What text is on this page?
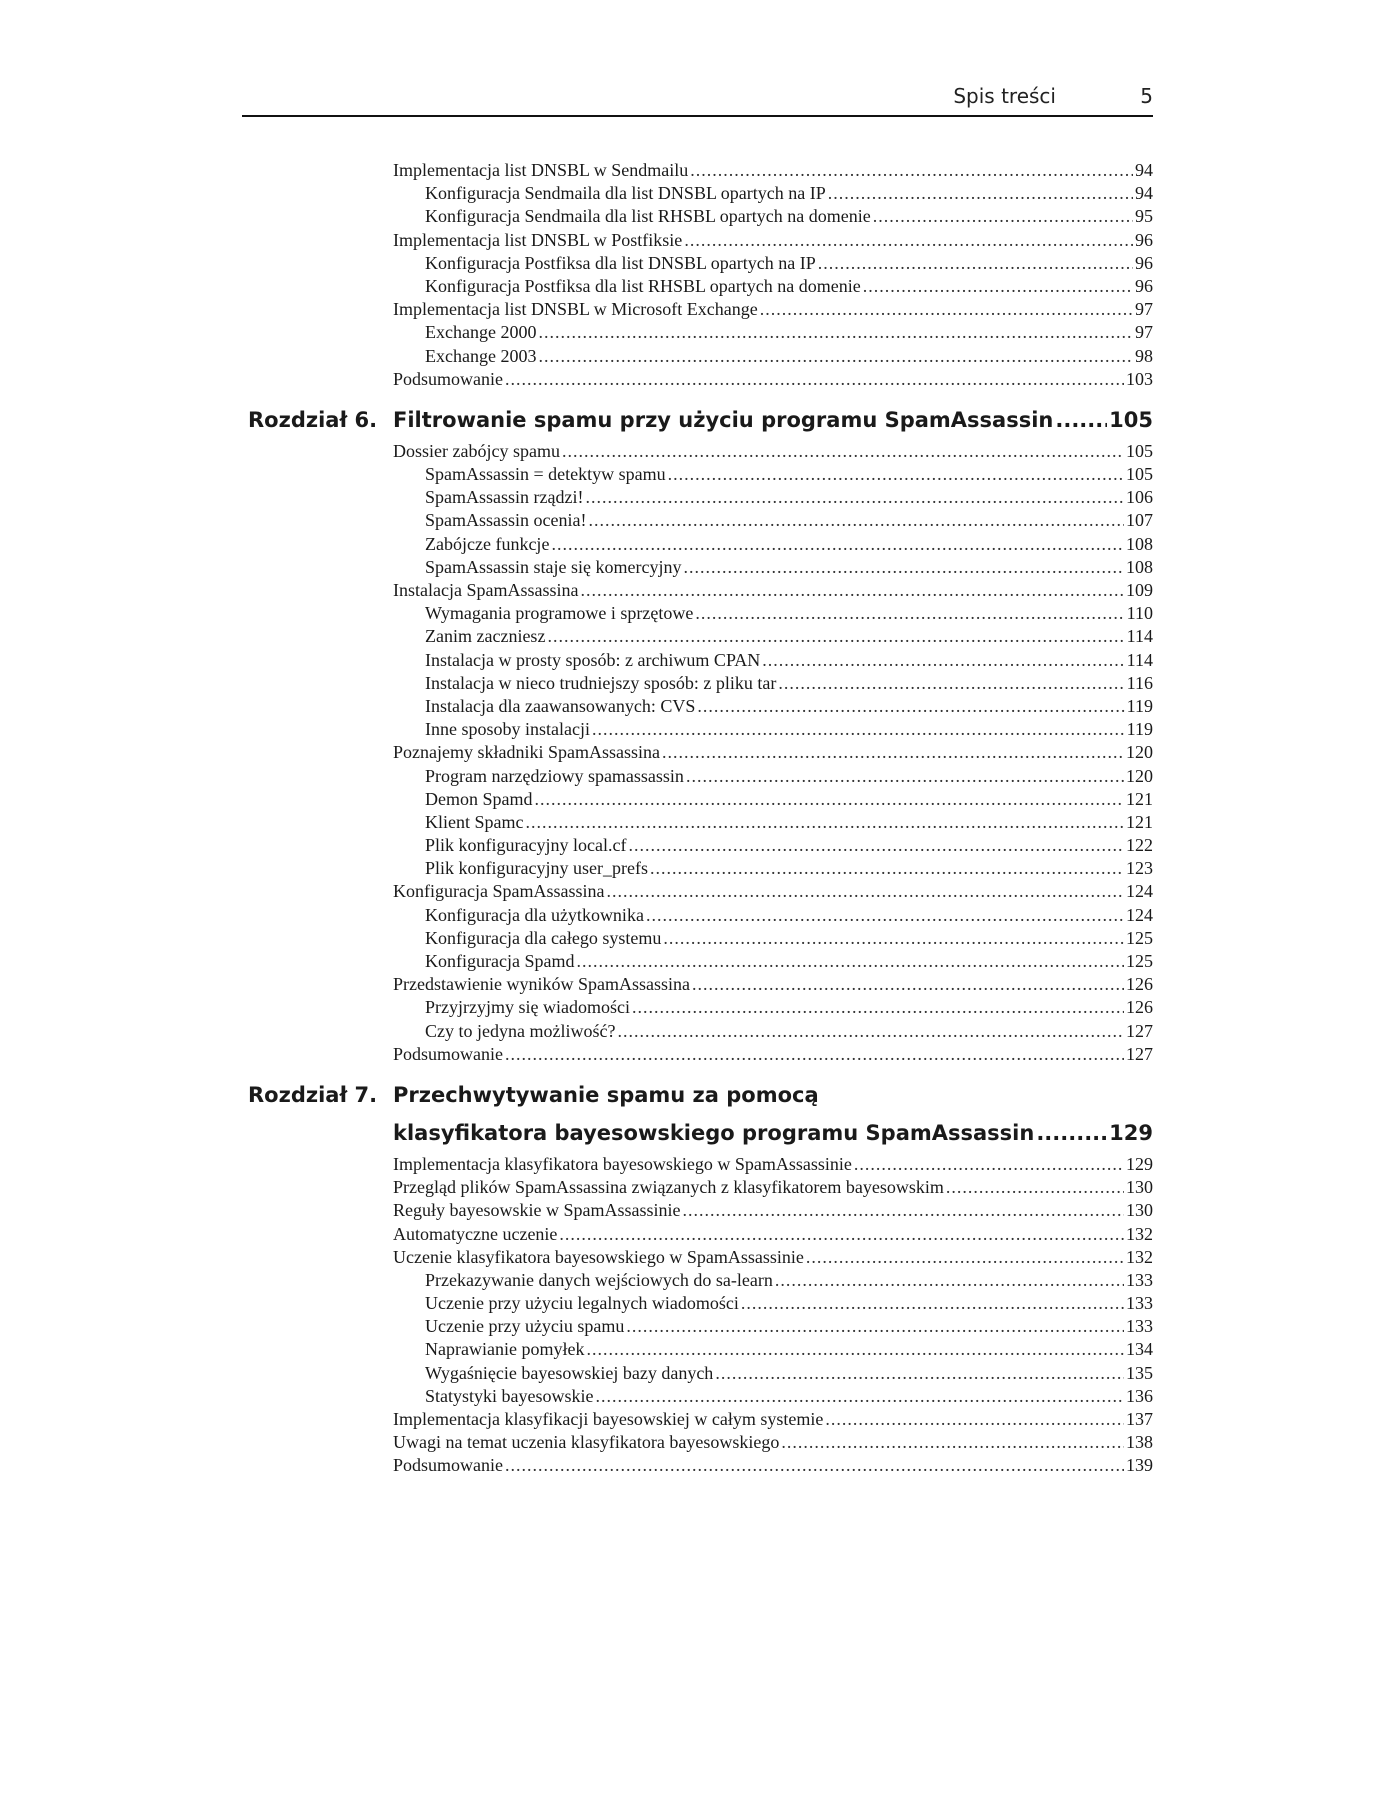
Spis treści	5
Implementacja list DNSBL w Sendmailu .....	94
Konfiguracja Sendmaila dla list DNSBL opartych na IP .....	94
Konfiguracja Sendmaila dla list RHSBL opartych na domenie .....	95
Implementacja list DNSBL w Postfiksie .....	96
Konfiguracja Postfiksa dla list DNSBL opartych na IP .....	96
Konfiguracja Postfiksa dla list RHSBL opartych na domenie .....	96
Implementacja list DNSBL w Microsoft Exchange .....	97
Exchange 2000 .....	97
Exchange 2003 .....	98
Podsumowanie .....	103
Rozdział 6. Filtrowanie spamu przy użyciu programu SpamAssassin .....	105
Dossier zabójcy spamu .....	105
SpamAssassin = detektyw spamu .....	105
SpamAssassin rządzi! .....	106
SpamAssassin ocenia! .....	107
Zabójcze funkcje .....	108
SpamAssassin staje się komercyjny .....	108
Instalacja SpamAssassina .....	109
Wymagania programowe i sprzętowe .....	110
Zanim zaczniesz .....	114
Instalacja w prosty sposób: z archiwum CPAN .....	114
Instalacja w nieco trudniejszy sposób: z pliku tar .....	116
Instalacja dla zaawansowanych: CVS .....	119
Inne sposoby instalacji .....	119
Poznajemy składniki SpamAssassina .....	120
Program narzędziowy spamassassin .....	120
Demon Spamd .....	121
Klient Spamc .....	121
Plik konfiguracyjny local.cf .....	122
Plik konfiguracyjny user_prefs .....	123
Konfiguracja SpamAssassina .....	124
Konfiguracja dla użytkownika .....	124
Konfiguracja dla całego systemu .....	125
Konfiguracja Spamd .....	125
Przedstawienie wyników SpamAssassina .....	126
Przyjrzyjmy się wiadomości .....	126
Czy to jedyna możliwość? .....	127
Podsumowanie .....	127
Rozdział 7. Przechwytywanie spamu za pomocą
klasyfikatora bayesowskiego programu SpamAssassin .....	129
Implementacja klasyfikatora bayesowskiego w SpamAssassinie .....	129
Przegląd plików SpamAssassina związanych z klasyfikatorem bayesowskim .....	130
Reguły bayesowskie w SpamAssassinie .....	130
Automatyczne uczenie .....	132
Uczenie klasyfikatora bayesowskiego w SpamAssassinie .....	132
Przekazywanie danych wejściowych do sa-learn .....	133
Uczenie przy użyciu legalnych wiadomości .....	133
Uczenie przy użyciu spamu .....	133
Naprawianie pomyłek .....	134
Wygaśnięcie bayesowskiej bazy danych .....	135
Statystyki bayesowskie .....	136
Implementacja klasyfikacji bayesowskiej w całym systemie .....	137
Uwagi na temat uczenia klasyfikatora bayesowskiego .....	138
Podsumowanie .....	139
